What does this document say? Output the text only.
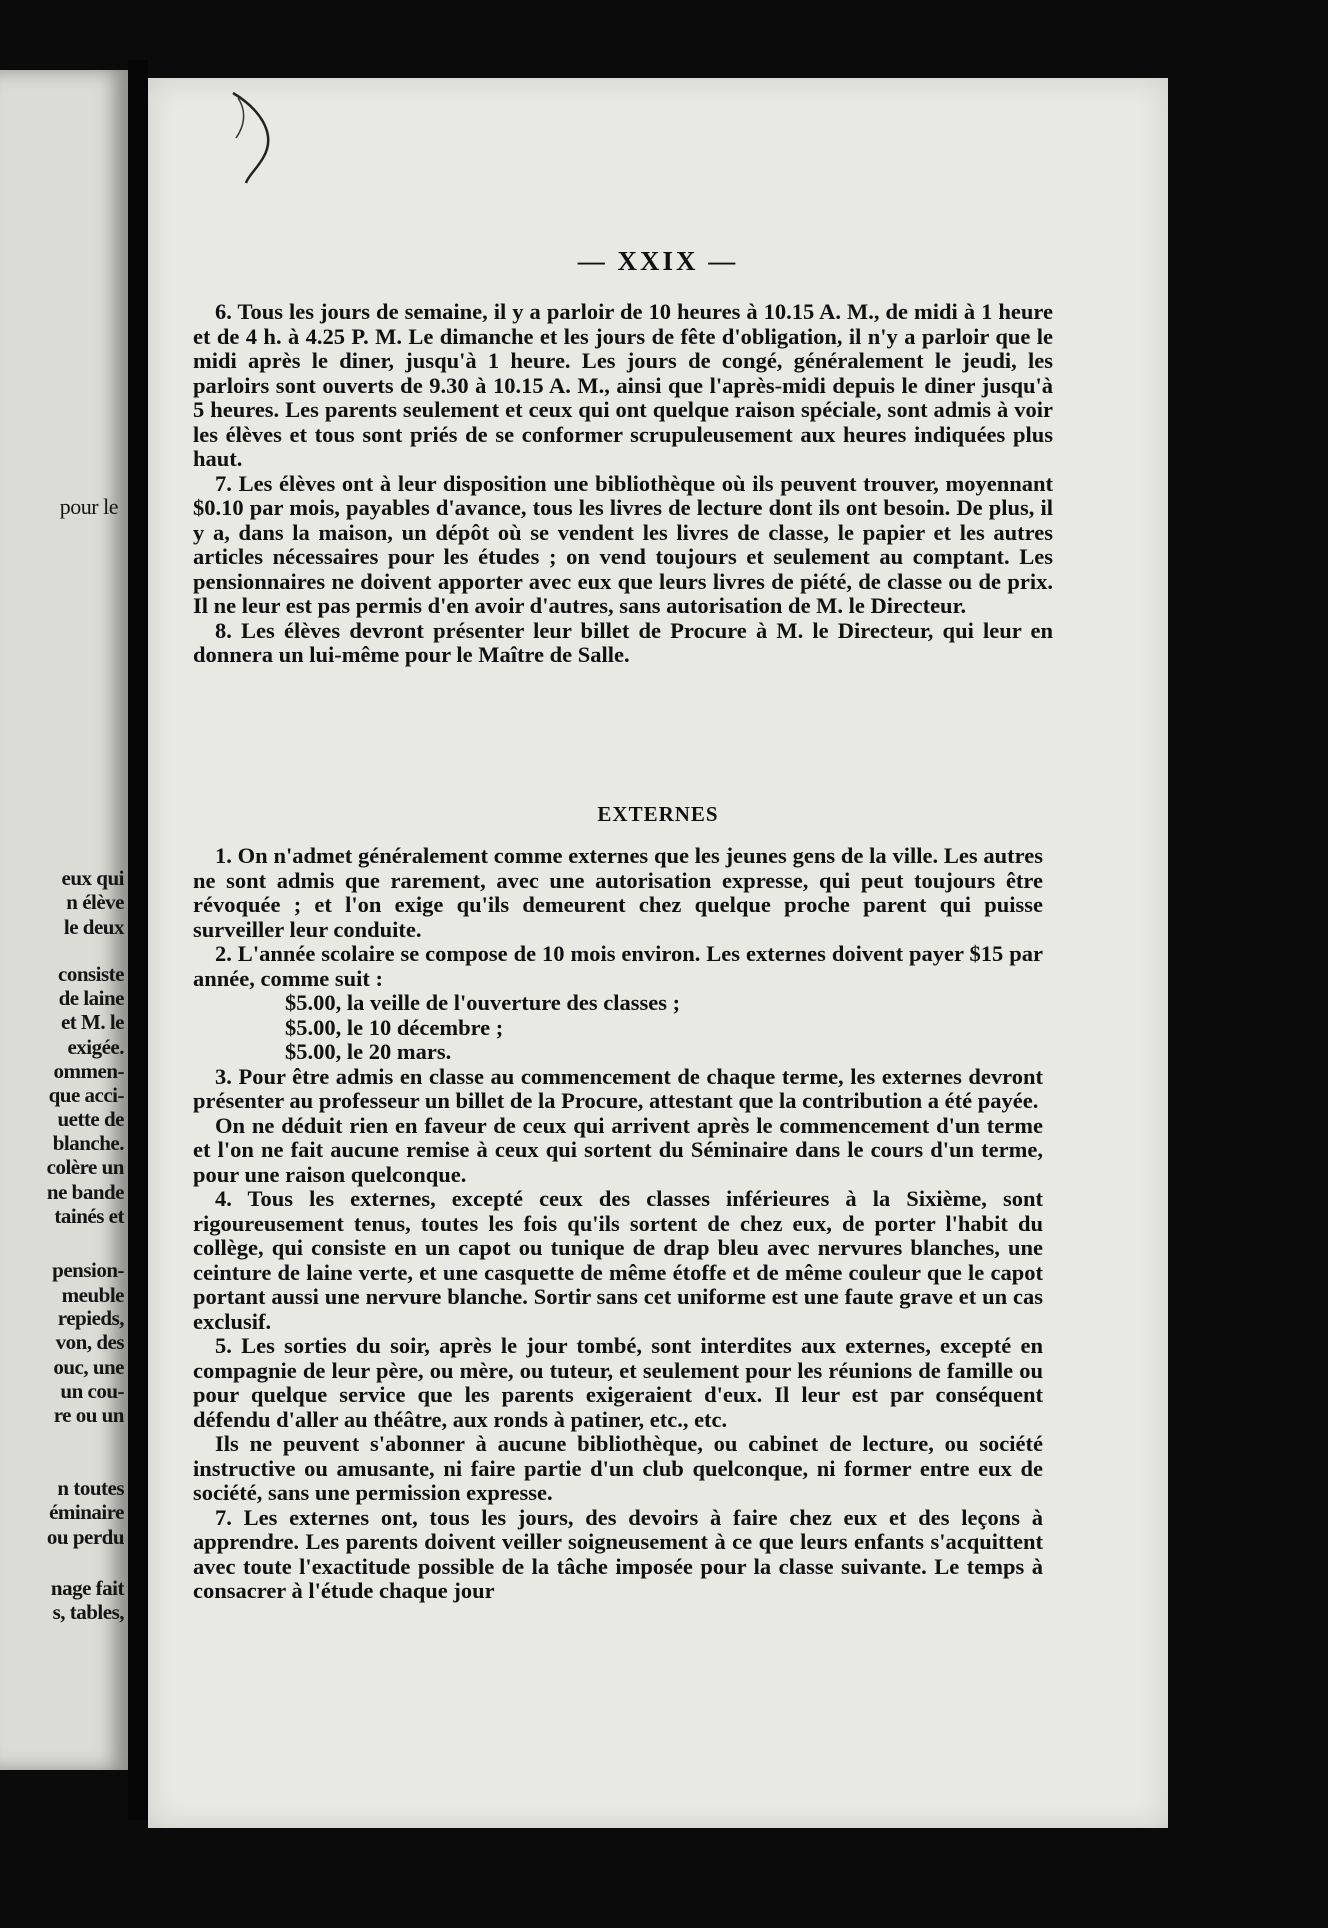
pour le
eux qui
n élève
le deux
consiste
de laine
et M. le
exigée.
ommen-
que acci-
uette de
blanche.
colère un
ne bande
tainés et
pension-
meuble
repieds,
von, des
ouc, une
un cou-
re ou un
n toutes
éminaire
ou perdu
nage fait
s, tables,
— XXIX —

6. Tous les jours de semaine, il y a parloir de 10 heures à 10.15 A. M., de midi à 1 heure et de 4 h. à 4.25 P. M. Le dimanche et les jours de fête d'obligation, il n'y a parloir que le midi après le diner, jusqu'à 1 heure. Les jours de congé, généralement le jeudi, les parloirs sont ouverts de 9.30 à 10.15 A. M., ainsi que l'après-midi depuis le diner jusqu'à 5 heures. Les parents seulement et ceux qui ont quelque raison spéciale, sont admis à voir les élèves et tous sont priés de se conformer scrupuleusement aux heures indiquées plus haut.

7. Les élèves ont à leur disposition une bibliothèque où ils peuvent trouver, moyennant $0.10 par mois, payables d'avance, tous les livres de lecture dont ils ont besoin. De plus, il y a, dans la maison, un dépôt où se vendent les livres de classe, le papier et les autres articles nécessaires pour les études ; on vend toujours et seulement au comptant. Les pensionnaires ne doivent apporter avec eux que leurs livres de piété, de classe ou de prix. Il ne leur est pas permis d'en avoir d'autres, sans autorisation de M. le Directeur.

8. Les élèves devront présenter leur billet de Procure à M. le Directeur, qui leur en donnera un lui-même pour le Maître de Salle.

EXTERNES

1. On n'admet généralement comme externes que les jeunes gens de la ville. Les autres ne sont admis que rarement, avec une autorisation expresse, qui peut toujours être révoquée ; et l'on exige qu'ils demeurent chez quelque proche parent qui puisse surveiller leur conduite.

2. L'année scolaire se compose de 10 mois environ. Les externes doivent payer $15 par année, comme suit :

$5.00, la veille de l'ouverture des classes ;

$5.00, le 10 décembre ;

$5.00, le 20 mars.

3. Pour être admis en classe au commencement de chaque terme, les externes devront présenter au professeur un billet de la Procure, attestant que la contribution a été payée.

On ne déduit rien en faveur de ceux qui arrivent après le commencement d'un terme et l'on ne fait aucune remise à ceux qui sortent du Séminaire dans le cours d'un terme, pour une raison quelconque.

4. Tous les externes, excepté ceux des classes inférieures à la Sixième, sont rigoureusement tenus, toutes les fois qu'ils sortent de chez eux, de porter l'habit du collège, qui consiste en un capot ou tunique de drap bleu avec nervures blanches, une ceinture de laine verte, et une casquette de même étoffe et de même couleur que le capot portant aussi une nervure blanche. Sortir sans cet uniforme est une faute grave et un cas exclusif.

5. Les sorties du soir, après le jour tombé, sont interdites aux externes, excepté en compagnie de leur père, ou mère, ou tuteur, et seulement pour les réunions de famille ou pour quelque service que les parents exigeraient d'eux. Il leur est par conséquent défendu d'aller au théâtre, aux ronds à patiner, etc., etc.

Ils ne peuvent s'abonner à aucune bibliothèque, ou cabinet de lecture, ou société instructive ou amusante, ni faire partie d'un club quelconque, ni former entre eux de société, sans une permission expresse.

7. Les externes ont, tous les jours, des devoirs à faire chez eux et des leçons à apprendre. Les parents doivent veiller soigneusement à ce que leurs enfants s'acquittent avec toute l'exactitude possible de la tâche imposée pour la classe suivante. Le temps à consacrer à l'étude chaque jour
